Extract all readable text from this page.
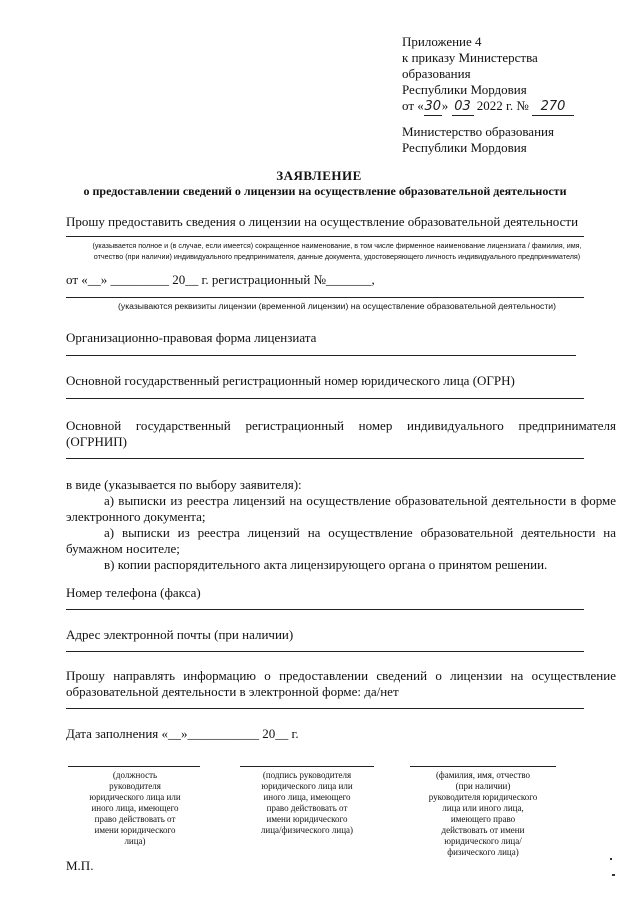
Приложение 4
к приказу Министерства
образования
Республики Мордовия
от «30» 03 2022 г. № 270
Министерство образования
Республики Мордовия
ЗАЯВЛЕНИЕ
о предоставлении сведений о лицензии на осуществление образовательной деятельности
Прошу предоставить сведения о лицензии на осуществление образовательной деятельности
(указывается полное и (в случае, если имеется) сокращенное наименование, в том числе фирменное наименование лицензиата / фамилия, имя,
отчество (при наличии) индивидуального предпринимателя, данные документа, удостоверяющего личность индивидуального предпринимателя)
от «__» _________ 20__ г. регистрационный №_______,
(указываются реквизиты лицензии (временной лицензии) на осуществление образовательной деятельности)
Организационно-правовая форма лицензиата
Основной государственный регистрационный номер юридического лица (ОГРН)
Основной государственный регистрационный номер индивидуального предпринимателя
(ОГРНИП)
в виде (указывается по выбору заявителя):
а) выписки из реестра лицензий на осуществление образовательной деятельности в форме
электронного документа;
а) выписки из реестра лицензий на осуществление образовательной деятельности на
бумажном носителе;
в) копии распорядительного акта лицензирующего органа о принятом решении.
Номер телефона (факса)
Адрес электронной почты (при наличии)
Прошу направлять информацию о предоставлении сведений о лицензии на осуществление
образовательной деятельности в электронной форме: да/нет
Дата заполнения «__»___________ 20__ г.
(должность
руководителя
юридического лица или
иного лица, имеющего
право действовать от
имени юридического
лица)
(подпись руководителя
юридического лица или
иного лица, имеющего
право действовать от
имени юридического
лица/физического лица)
(фамилия, имя, отчество
(при наличии)
руководителя юридического
лица или иного лица,
имеющего право
действовать от имени
юридического лица/
физического лица)
М.П.
